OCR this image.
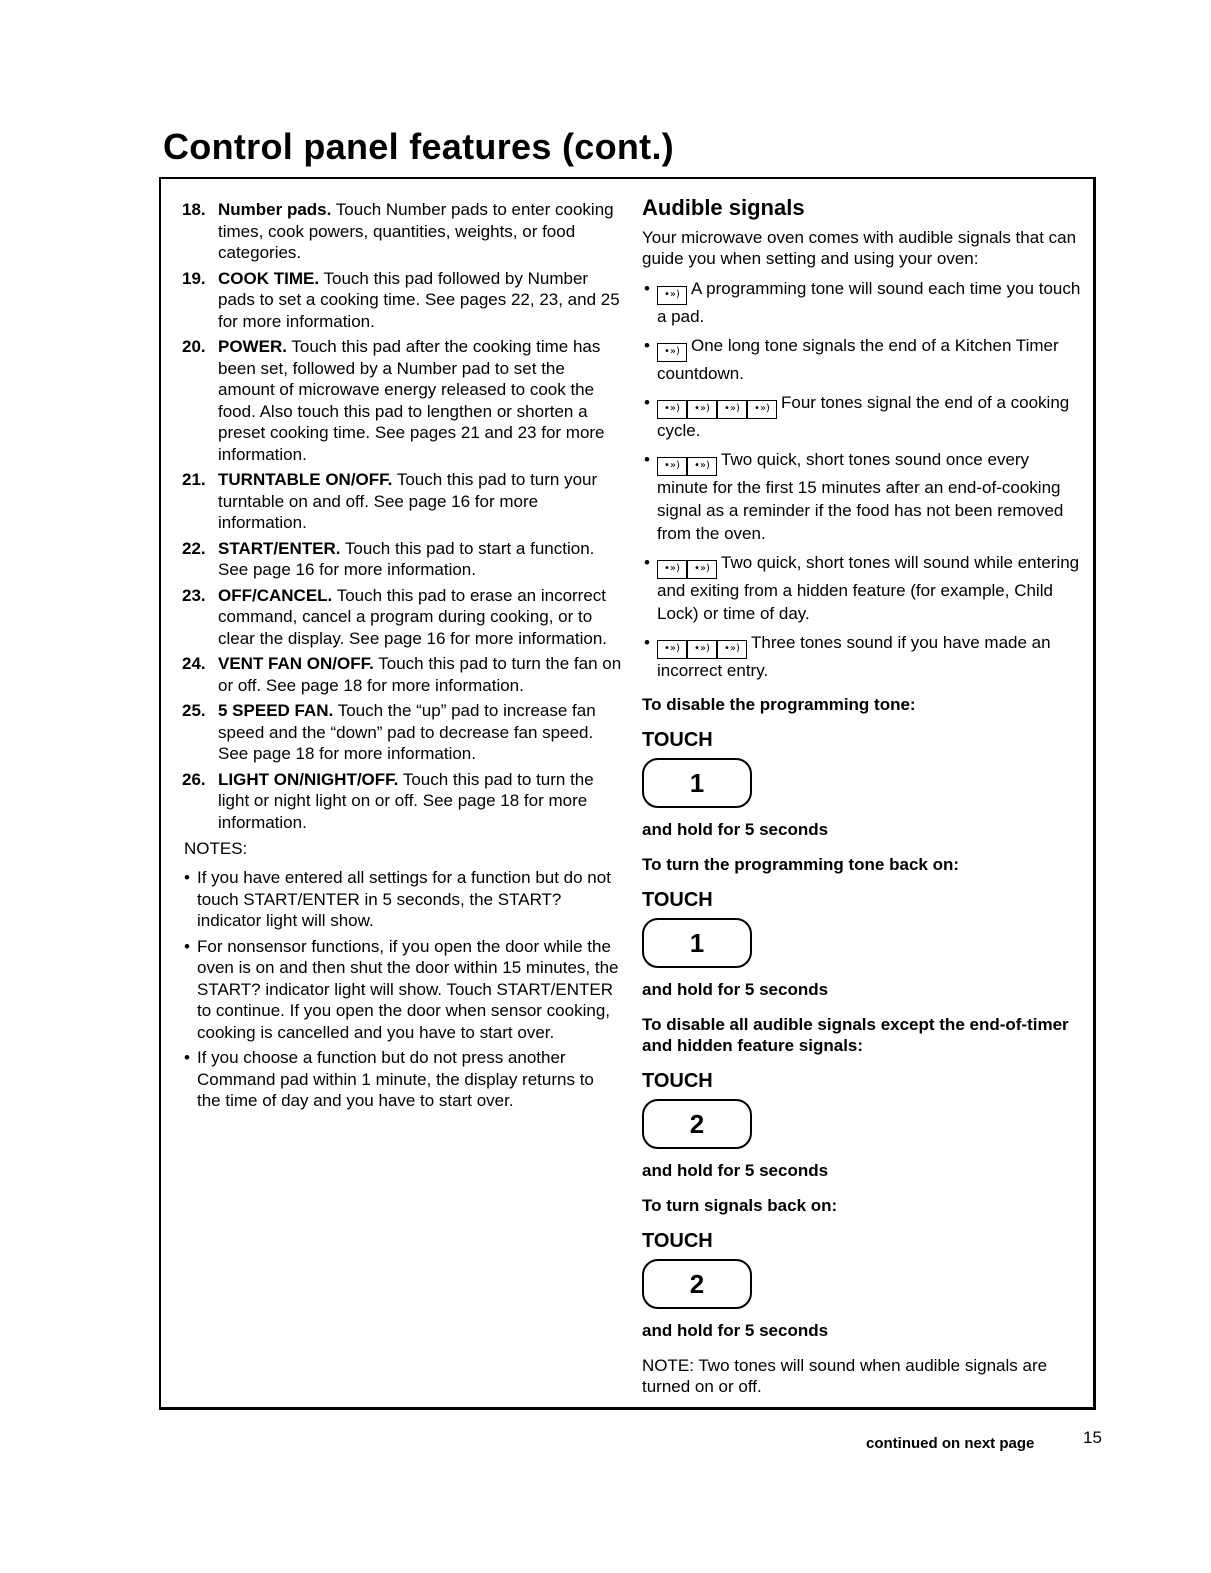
Control panel features (cont.)
18. Number pads. Touch Number pads to enter cooking times, cook powers, quantities, weights, or food categories.
19. COOK TIME. Touch this pad followed by Number pads to set a cooking time. See pages 22, 23, and 25 for more information.
20. POWER. Touch this pad after the cooking time has been set, followed by a Number pad to set the amount of microwave energy released to cook the food. Also touch this pad to lengthen or shorten a preset cooking time. See pages 21 and 23 for more information.
21. TURNTABLE ON/OFF. Touch this pad to turn your turntable on and off. See page 16 for more information.
22. START/ENTER. Touch this pad to start a function. See page 16 for more information.
23. OFF/CANCEL. Touch this pad to erase an incorrect command, cancel a program during cooking, or to clear the display. See page 16 for more information.
24. VENT FAN ON/OFF. Touch this pad to turn the fan on or off. See page 18 for more information.
25. 5 SPEED FAN. Touch the “up” pad to increase fan speed and the “down” pad to decrease fan speed. See page 18 for more information.
26. LIGHT ON/NIGHT/OFF. Touch this pad to turn the light or night light on or off. See page 18 for more information.
NOTES:
• If you have entered all settings for a function but do not touch START/ENTER in 5 seconds, the START? indicator light will show.
• For nonsensor functions, if you open the door while the oven is on and then shut the door within 15 minutes, the START? indicator light will show. Touch START/ENTER to continue. If you open the door when sensor cooking, cooking is cancelled and you have to start over.
• If you choose a function but do not press another Command pad within 1 minute, the display returns to the time of day and you have to start over.
Audible signals
Your microwave oven comes with audible signals that can guide you when setting and using your oven:
• •») A programming tone will sound each time you touch a pad.
• •») One long tone signals the end of a Kitchen Timer countdown.
• •») •») •») •») Four tones signal the end of a cooking cycle.
• •») •») Two quick, short tones sound once every minute for the first 15 minutes after an end-of-cooking signal as a reminder if the food has not been removed from the oven.
• •») •») Two quick, short tones will sound while entering and exiting from a hidden feature (for example, Child Lock) or time of day.
• •») •») •») Three tones sound if you have made an incorrect entry.
To disable the programming tone:
TOUCH
1
and hold for 5 seconds
To turn the programming tone back on:
TOUCH
1
and hold for 5 seconds
To disable all audible signals except the end-of-timer and hidden feature signals:
TOUCH
2
and hold for 5 seconds
To turn signals back on:
TOUCH
2
and hold for 5 seconds
NOTE: Two tones will sound when audible signals are turned on or off.
continued on next page	15
